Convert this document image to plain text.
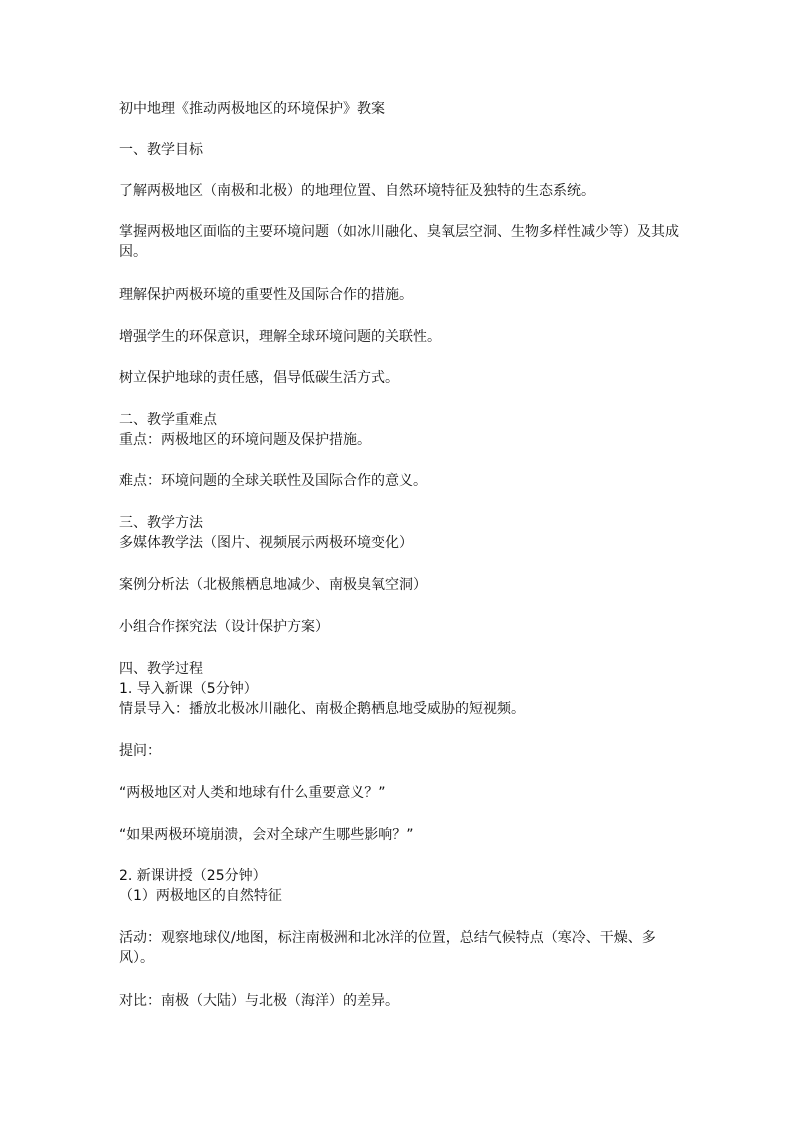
初中地理《推动两极地区的环境保护》教案
一、教学目标
了解两极地区（南极和北极）的地理位置、自然环境特征及独特的生态系统。
掌握两极地区面临的主要环境问题（如冰川融化、臭氧层空洞、生物多样性减少等）及其成因。
理解保护两极环境的重要性及国际合作的措施。
增强学生的环保意识，理解全球环境问题的关联性。
树立保护地球的责任感，倡导低碳生活方式。
二、教学重难点
重点：两极地区的环境问题及保护措施。
难点：环境问题的全球关联性及国际合作的意义。
三、教学方法
多媒体教学法（图片、视频展示两极环境变化）
案例分析法（北极熊栖息地减少、南极臭氧空洞）
小组合作探究法（设计保护方案）
四、教学过程
1. 导入新课（5分钟）
情景导入：播放北极冰川融化、南极企鹅栖息地受威胁的短视频。
提问：
“两极地区对人类和地球有什么重要意义？”
“如果两极环境崩溃，会对全球产生哪些影响？”
2. 新课讲授（25分钟）
（1）两极地区的自然特征
活动：观察地球仪/地图，标注南极洲和北冰洋的位置，总结气候特点（寒冷、干燥、多风）。
对比：南极（大陆）与北极（海洋）的差异。
